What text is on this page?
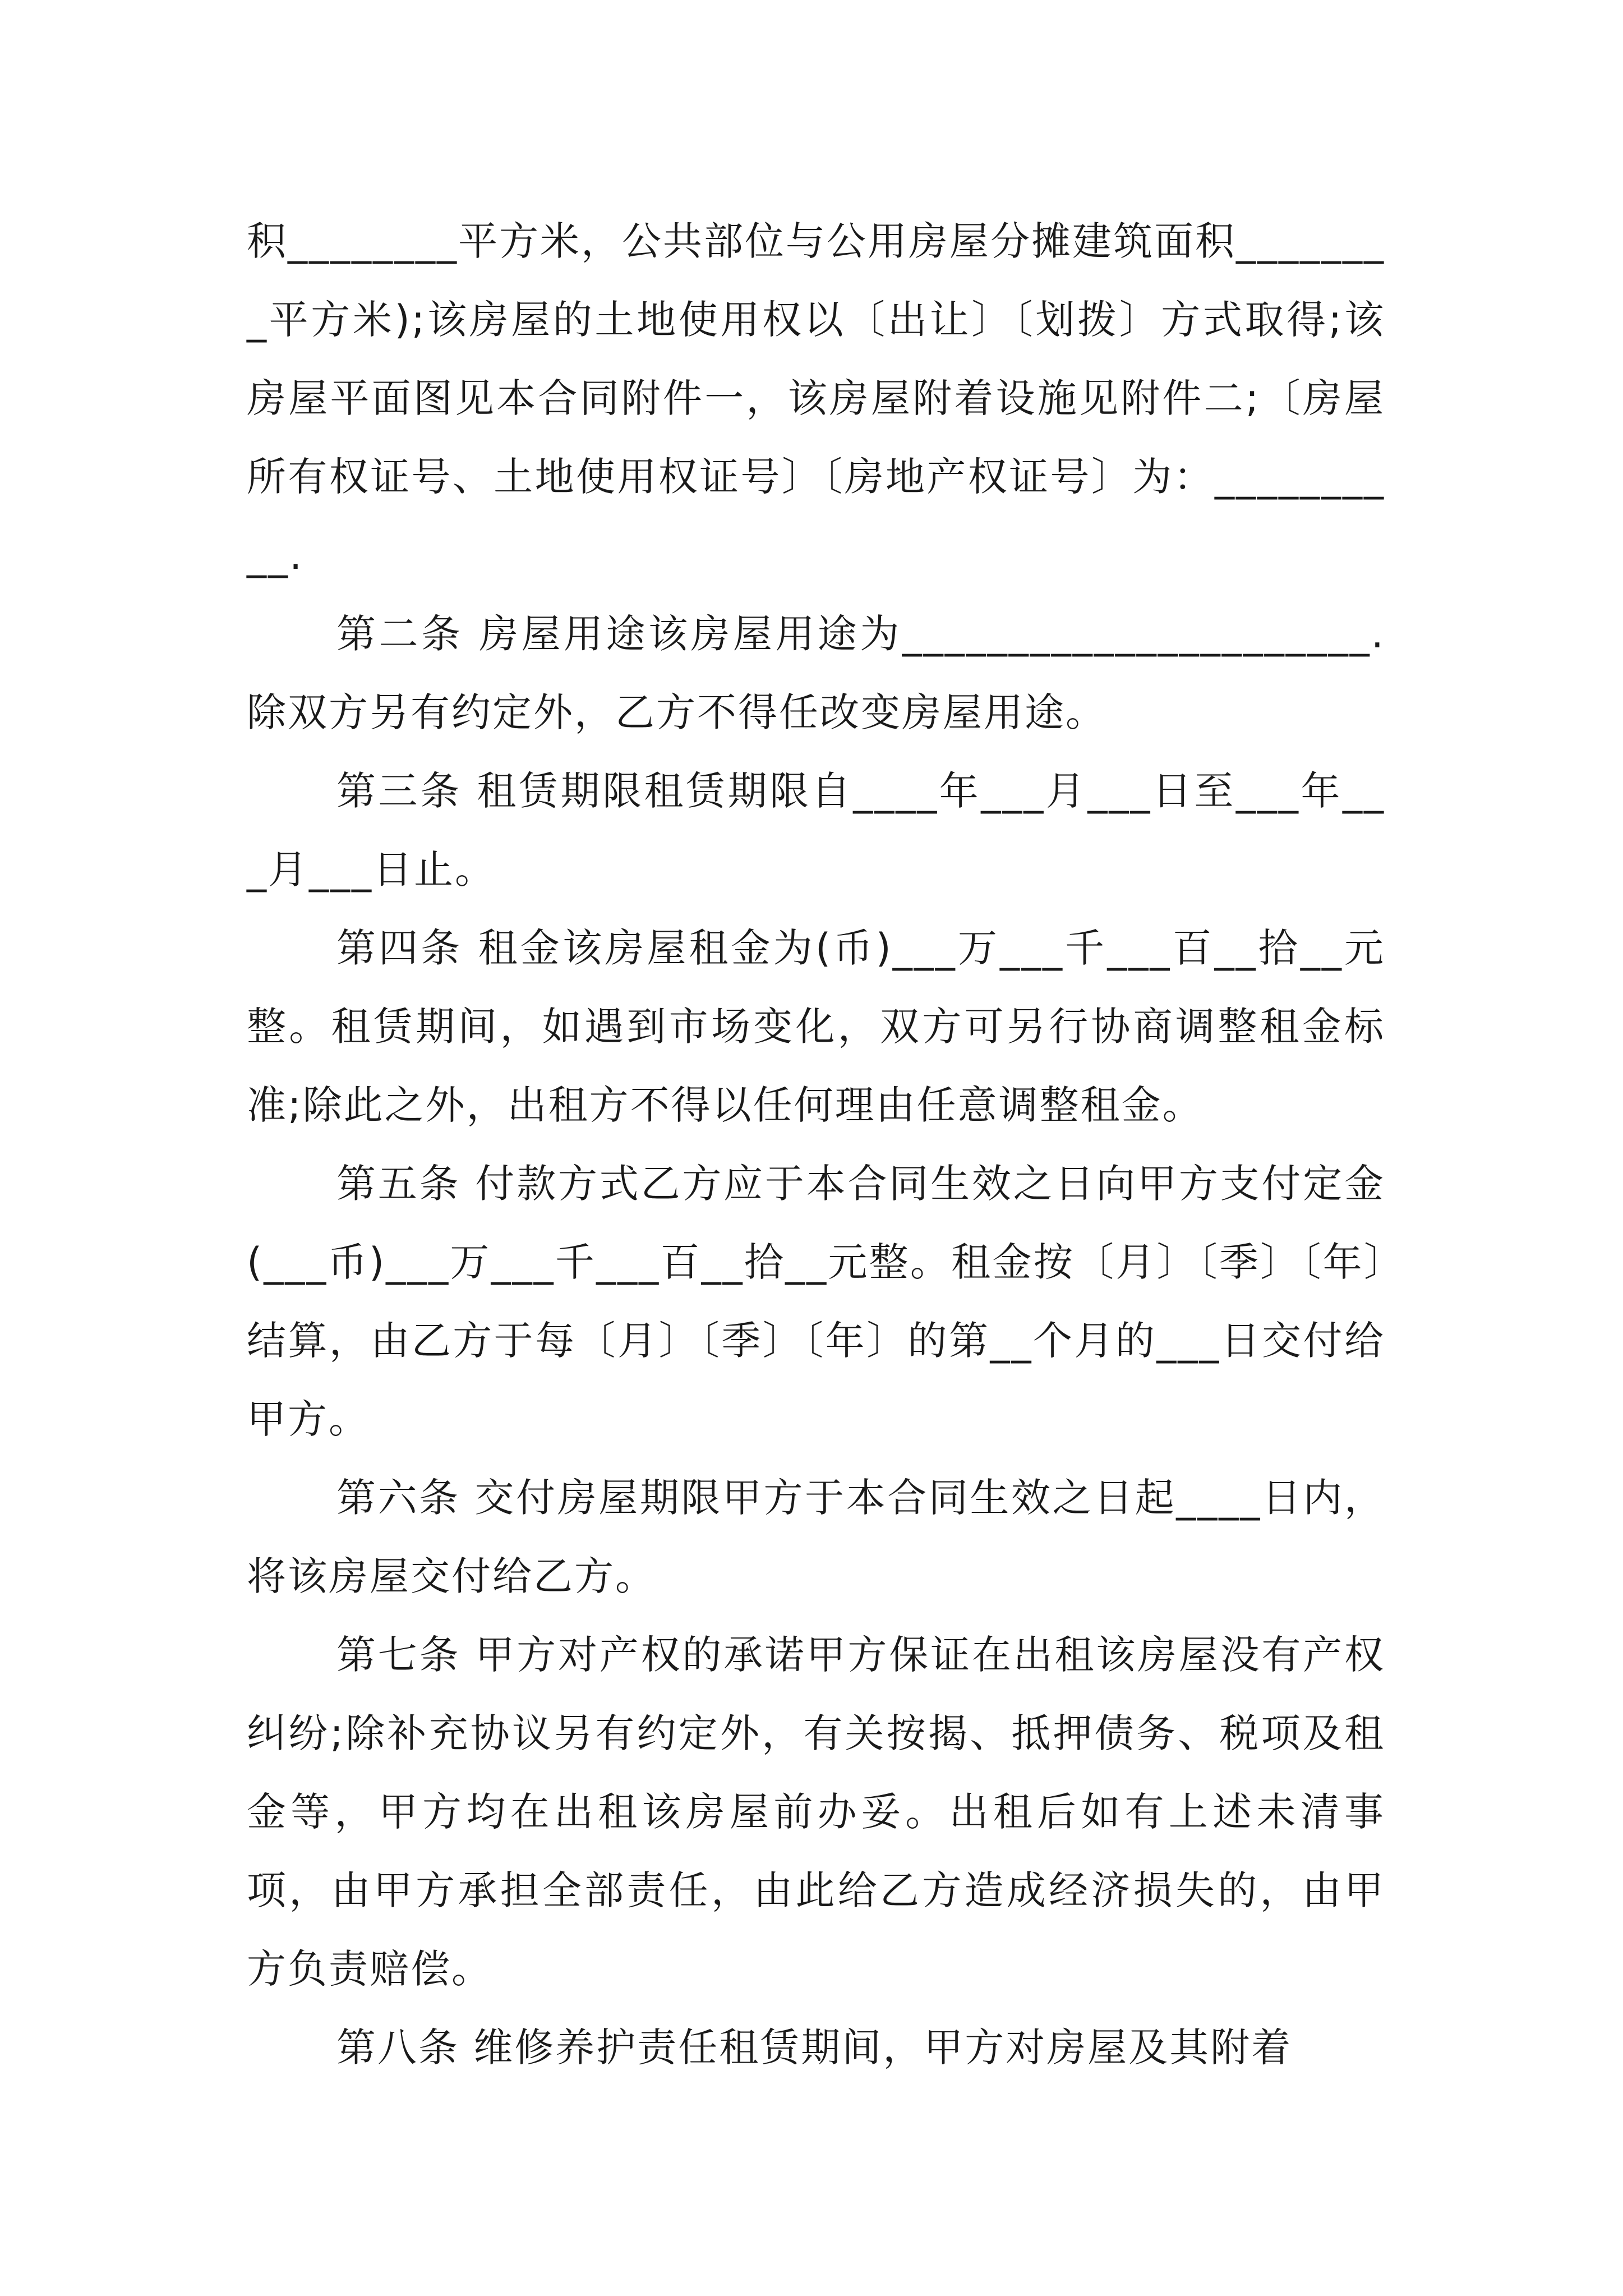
积________平方米，公共部位与公用房屋分摊建筑面积________平方米);该房屋的土地使用权以〔出让〕〔划拨〕方式取得;该房屋平面图见本合同附件一，该房屋附着设施见附件二;〔房屋所有权证号、土地使用权证号〕〔房地产权证号〕为：__________.

第二条 房屋用途该房屋用途为______________________.除双方另有约定外，乙方不得任改变房屋用途。

第三条 租赁期限租赁期限自____年___月___日至___年___月___日止。

第四条 租金该房屋租金为(币)___万___千___百__拾__元整。租赁期间，如遇到市场变化，双方可另行协商调整租金标准;除此之外，出租方不得以任何理由任意调整租金。

第五条 付款方式乙方应于本合同生效之日向甲方支付定金(___币)___万___千___百__拾__元整。租金按〔月〕〔季〕〔年〕结算，由乙方于每〔月〕〔季〕〔年〕的第__个月的___日交付给甲方。

第六条 交付房屋期限甲方于本合同生效之日起____日内，将该房屋交付给乙方。

第七条 甲方对产权的承诺甲方保证在出租该房屋没有产权纠纷;除补充协议另有约定外，有关按揭、抵押债务、税项及租金等，甲方均在出租该房屋前办妥。出租后如有上述未清事项，由甲方承担全部责任，由此给乙方造成经济损失的，由甲方负责赔偿。

第八条 维修养护责任租赁期间，甲方对房屋及其附着
